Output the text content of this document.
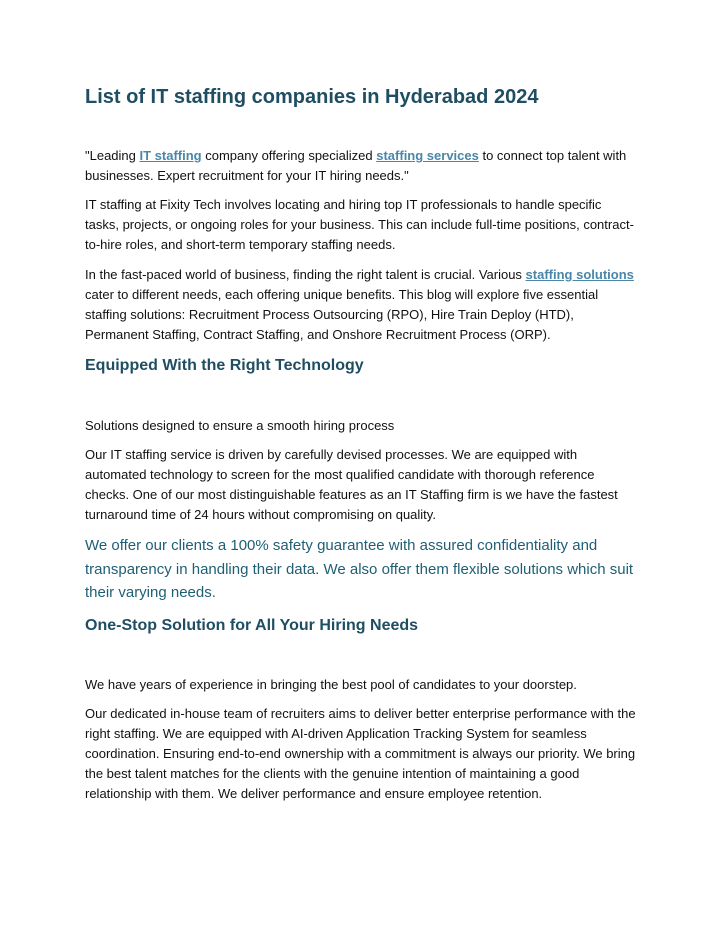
List of IT staffing companies in Hyderabad 2024

"Leading IT staffing company offering specialized staffing services to connect top talent with businesses. Expert recruitment for your IT hiring needs."

IT staffing at Fixity Tech involves locating and hiring top IT professionals to handle specific tasks, projects, or ongoing roles for your business. This can include full-time positions, contract-to-hire roles, and short-term temporary staffing needs.

In the fast-paced world of business, finding the right talent is crucial. Various staffing solutions cater to different needs, each offering unique benefits. This blog will explore five essential staffing solutions: Recruitment Process Outsourcing (RPO), Hire Train Deploy (HTD), Permanent Staffing, Contract Staffing, and Onshore Recruitment Process (ORP).

Equipped With the Right Technology

Solutions designed to ensure a smooth hiring process

Our IT staffing service is driven by carefully devised processes. We are equipped with automated technology to screen for the most qualified candidate with thorough reference checks. One of our most distinguishable features as an IT Staffing firm is we have the fastest turnaround time of 24 hours without compromising on quality.

We offer our clients a 100% safety guarantee with assured confidentiality and transparency in handling their data. We also offer them flexible solutions which suit their varying needs.

One-Stop Solution for All Your Hiring Needs

We have years of experience in bringing the best pool of candidates to your doorstep.

Our dedicated in-house team of recruiters aims to deliver better enterprise performance with the right staffing. We are equipped with AI-driven Application Tracking System for seamless coordination. Ensuring end-to-end ownership with a commitment is always our priority. We bring the best talent matches for the clients with the genuine intention of maintaining a good relationship with them. We deliver performance and ensure employee retention.
